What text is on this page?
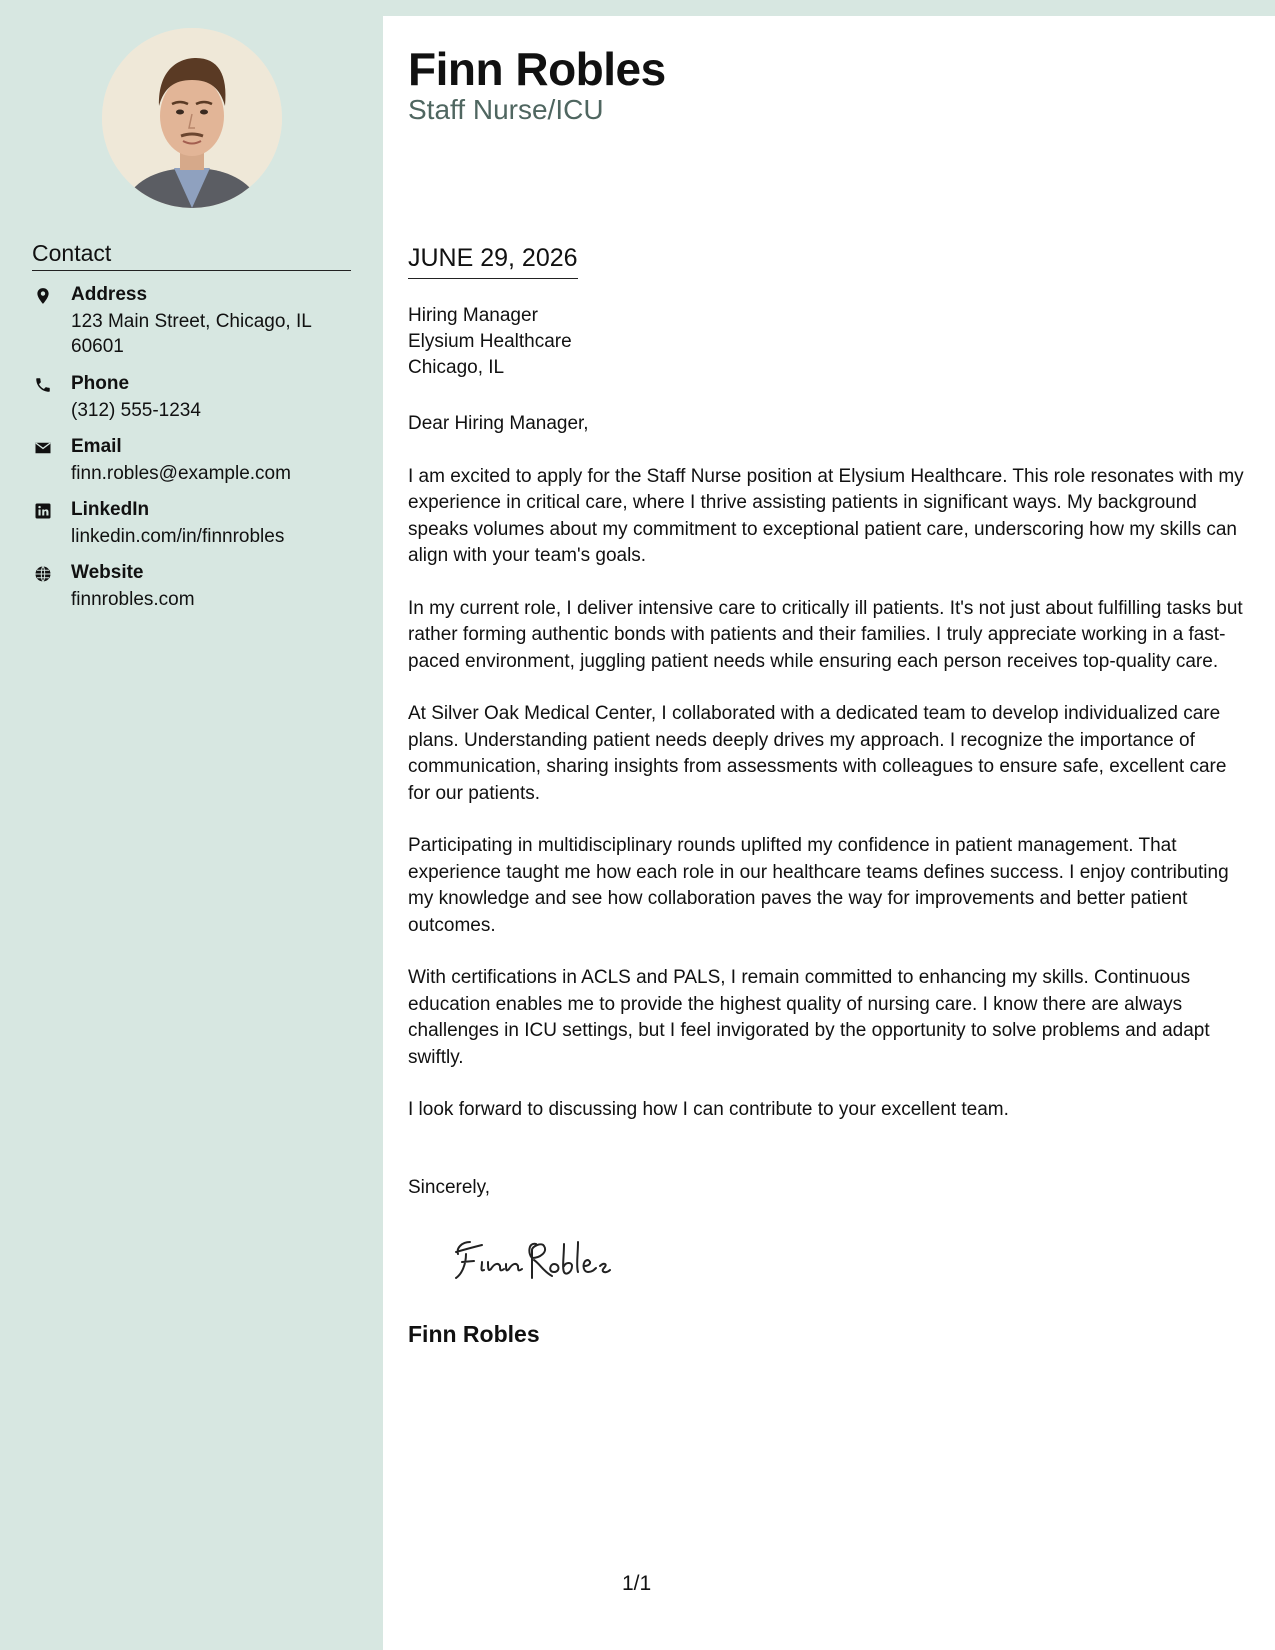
Contact
Address
123 Main Street, Chicago, IL 60601
Phone
(312) 555-1234
Email
finn.robles@example.com
LinkedIn
linkedin.com/in/finnrobles
Website
finnrobles.com
Finn Robles
Staff Nurse/ICU
JUNE 29, 2026
Hiring Manager
Elysium Healthcare
Chicago, IL

Dear Hiring Manager,

I am excited to apply for the Staff Nurse position at Elysium Healthcare. This role resonates with my experience in critical care, where I thrive assisting patients in significant ways. My background speaks volumes about my commitment to exceptional patient care, underscoring how my skills can align with your team's goals.

In my current role, I deliver intensive care to critically ill patients. It's not just about fulfilling tasks but rather forming authentic bonds with patients and their families. I truly appreciate working in a fast-paced environment, juggling patient needs while ensuring each person receives top-quality care.

At Silver Oak Medical Center, I collaborated with a dedicated team to develop individualized care plans. Understanding patient needs deeply drives my approach. I recognize the importance of communication, sharing insights from assessments with colleagues to ensure safe, excellent care for our patients.

Participating in multidisciplinary rounds uplifted my confidence in patient management. That experience taught me how each role in our healthcare teams defines success. I enjoy contributing my knowledge and see how collaboration paves the way for improvements and better patient outcomes.

With certifications in ACLS and PALS, I remain committed to enhancing my skills. Continuous education enables me to provide the highest quality of nursing care. I know there are always challenges in ICU settings, but I feel invigorated by the opportunity to solve problems and adapt swiftly.

I look forward to discussing how I can contribute to your excellent team.

Sincerely,
Finn Robles
1/1
